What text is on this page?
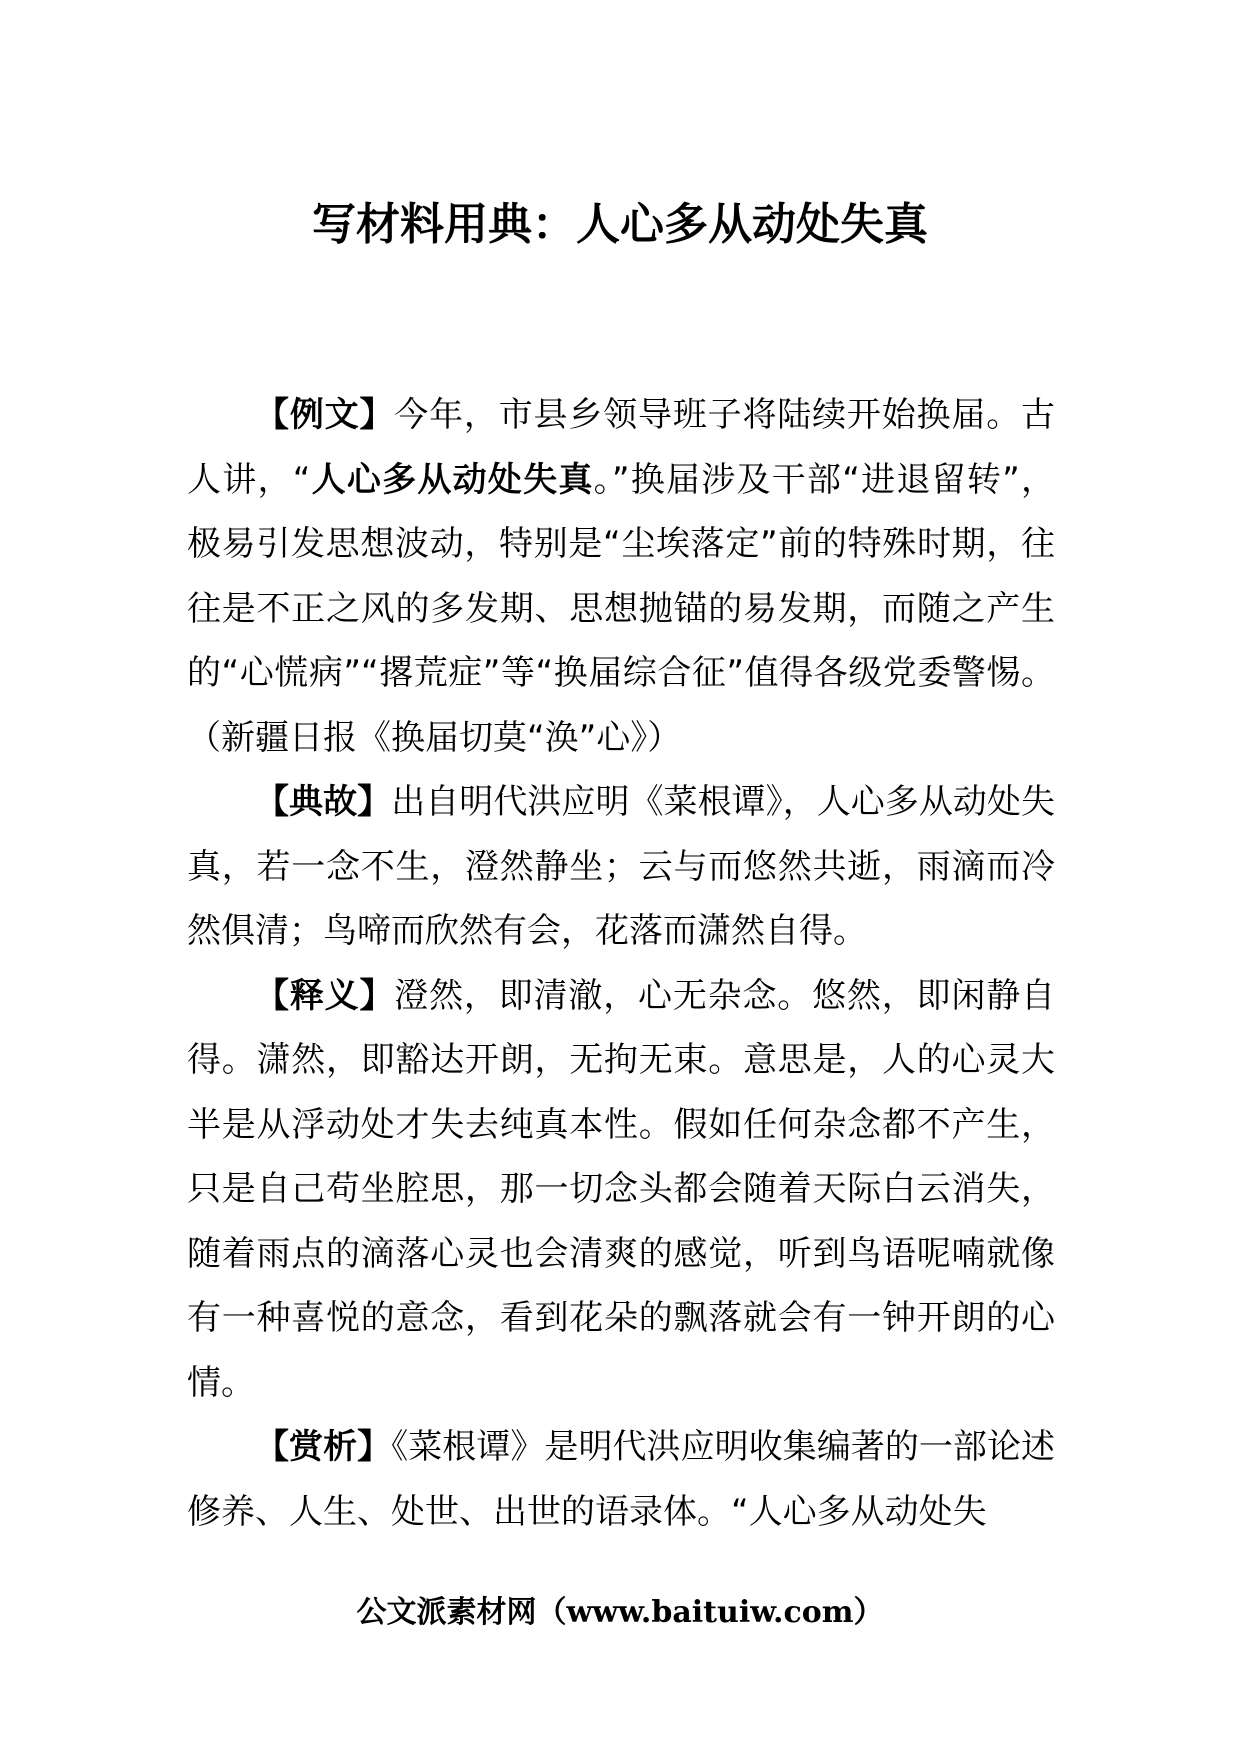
写材料用典：人心多从动处失真

【例文】今年，市县乡领导班子将陆续开始换届。古人讲，“人心多从动处失真。”换届涉及干部“进退留转”，极易引发思想波动，特别是“尘埃落定”前的特殊时期，往往是不正之风的多发期、思想抛锚的易发期，而随之产生的“心慌病”“撂荒症”等“换届综合征”值得各级党委警惕。（新疆日报《换届切莫“涣”心》）

【典故】出自明代洪应明《菜根谭》，人心多从动处失真，若一念不生，澄然静坐；云与而悠然共逝，雨滴而冷然俱清；鸟啼而欣然有会，花落而潇然自得。

【释义】澄然，即清澈，心无杂念。悠然，即闲静自得。潇然，即豁达开朗，无拘无束。意思是，人的心灵大半是从浮动处才失去纯真本性。假如任何杂念都不产生，只是自己苟坐腔思，那一切念头都会随着天际白云消失，随着雨点的滴落心灵也会清爽的感觉，听到鸟语呢喃就像有一种喜悦的意念，看到花朵的飘落就会有一钟开朗的心情。

【赏析】《菜根谭》是明代洪应明收集编著的一部论述修养、人生、处世、出世的语录体。“人心多从动处失

公文派素材网（www.baituiw.com）
